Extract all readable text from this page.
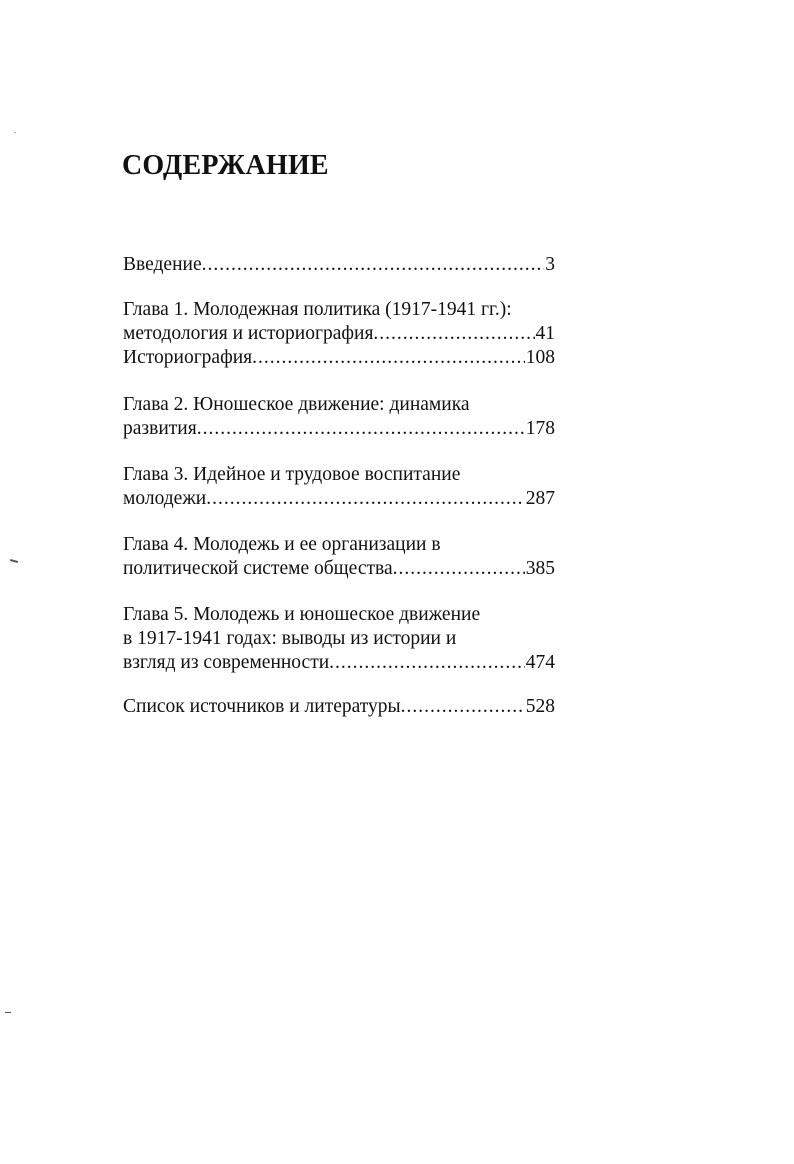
СОДЕРЖАНИЕ
Введение .....	3
Глава 1. Молодежная политика (1917-1941 гг.):
методология и историография .....	41
Историография .....	108
Глава 2. Юношеское движение: динамика
развития .....	178
Глава 3. Идейное и трудовое воспитание
молодежи .....	287
Глава 4. Молодежь и ее организации в
политической системе общества .....	385
Глава 5. Молодежь и юношеское движение
в 1917-1941 годах: выводы из истории и
взгляд из современности .....	474
Список источников и литературы .....	528
